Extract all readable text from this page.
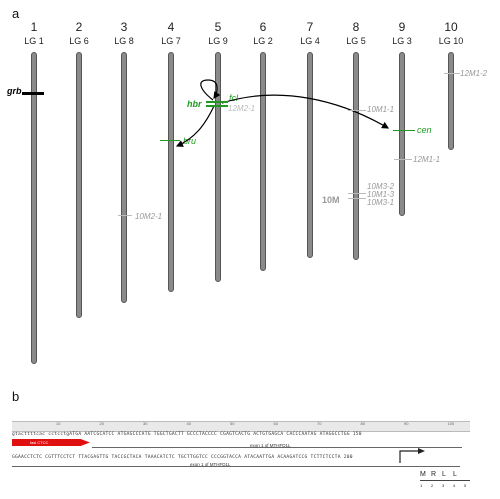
a
grb
hbr
fcl
bru
cen
12M1-2
10M1-1
12M2-1
12M1-1
10M3-2
10M1-3
10M3-1
10M2-1
10M
b
10	20	30	40	50	60	70	80	90	100
gtacttttcac cctcctgATGA AATCGCATCC ATGAGCCCATG TGGCTGACTT GCCCTACCCC CGAGTCACTG ACTGTGAGCA CACCCAATAG ATAGGCCTGG 150
fasl CTCC
exon 1 of MTHFD1L
GGAACCTCTC CGTTTCCTCT TTACGAGTTG TACCGCTACA TAAACATCTC TGCTTGGTCC CCCGGTACCA ATACAATTGA ACAAGATCCG TCTTCTCCTA 200
exon 1 of MTHFD1L
M R L L
1 2 3 4 5
1
LG 1
2
LG 6
3
LG 8
4
LG 7
5
LG 9
6
LG 2
7
LG 4
8
LG 5
9
LG 3
10
LG 10
